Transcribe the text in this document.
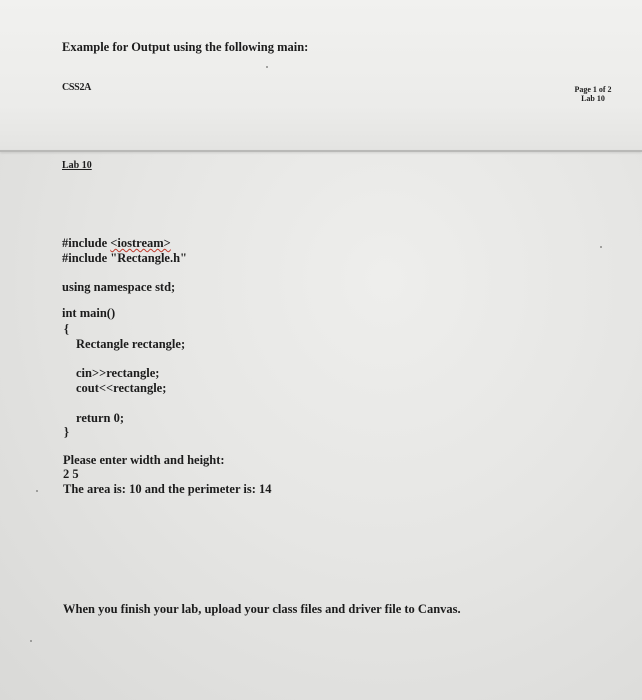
Example for Output using the following main:
CSS2A	Page 1 of 2
Lab 10
Lab 10
#include <iostream>
#include "Rectangle.h"
using namespace std;
int main()
{
Rectangle rectangle;
cin>>rectangle;
cout<<rectangle;
return 0;
}
Please enter width and height:
2 5
The area is: 10 and the perimeter is: 14
When you finish your lab, upload your class files and driver file to Canvas.
